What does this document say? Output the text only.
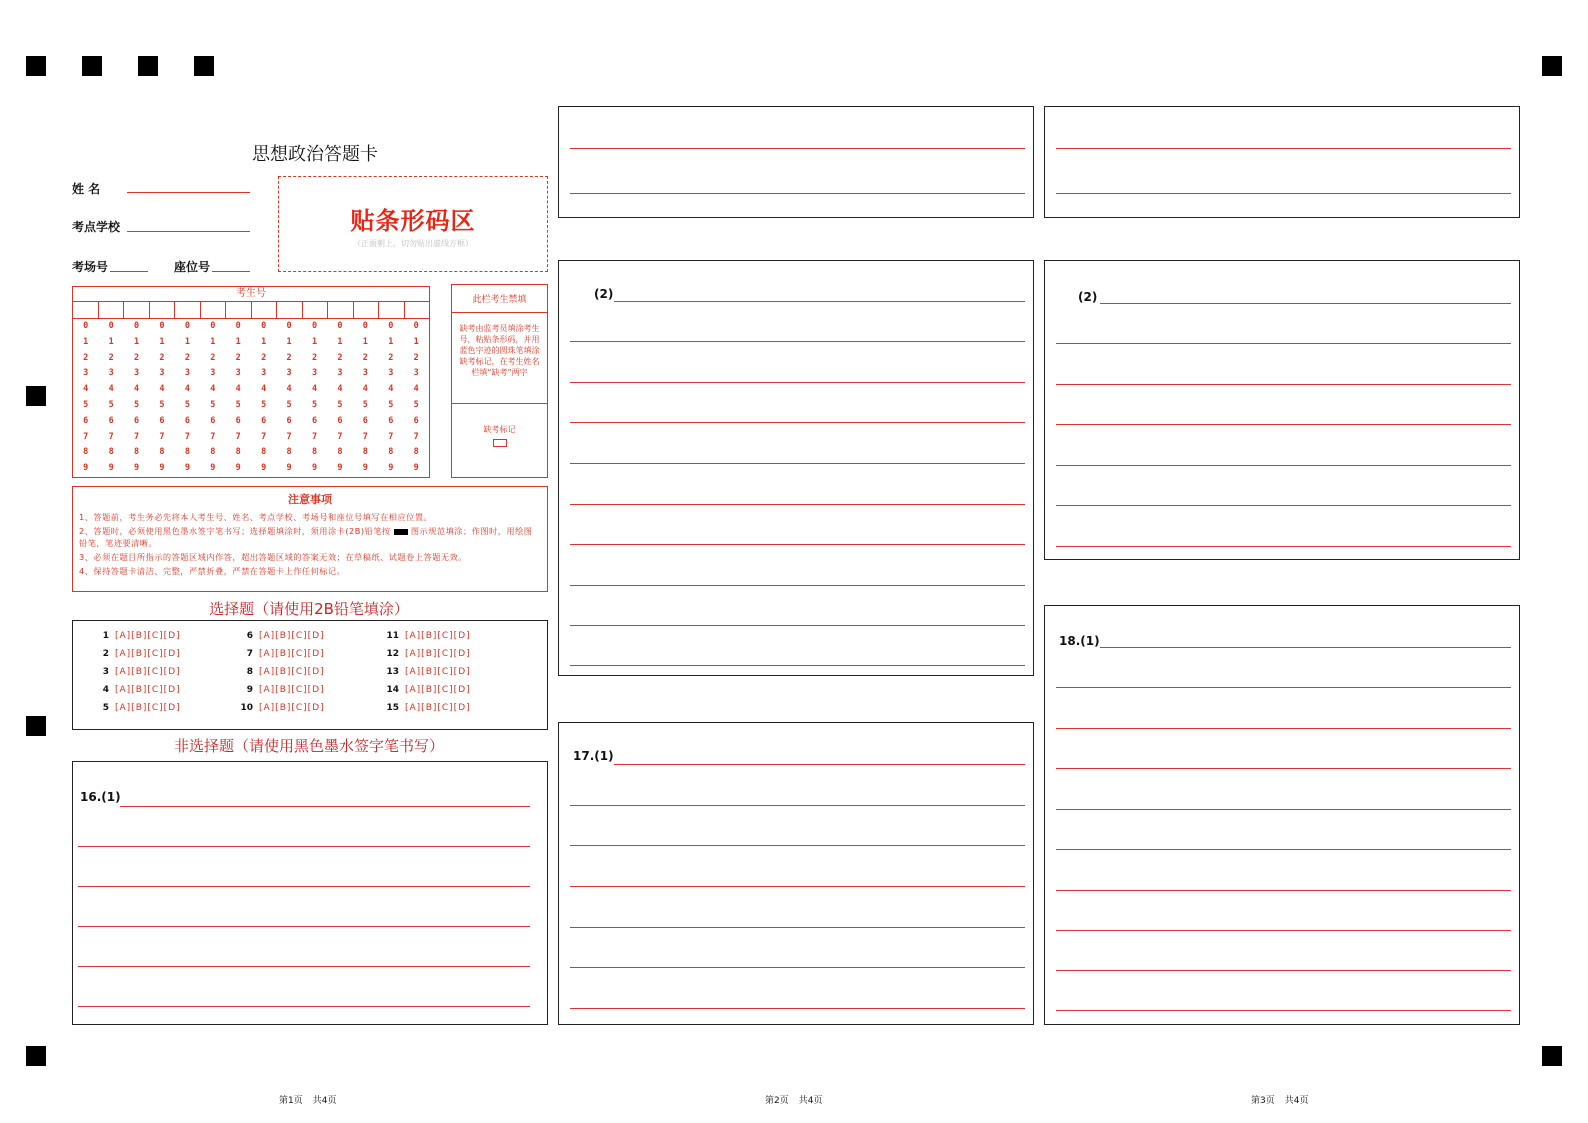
思想政治答题卡
姓 名
考点学校
考场号	座位号
贴条形码区
（正面朝上，切勿贴出虚线方框）
考生号
0	0	0	0	0	0	0	0	0	0	0	0	0	0
1	1	1	1	1	1	1	1	1	1	1	1	1	1
2	2	2	2	2	2	2	2	2	2	2	2	2	2
3	3	3	3	3	3	3	3	3	3	3	3	3	3
4	4	4	4	4	4	4	4	4	4	4	4	4	4
5	5	5	5	5	5	5	5	5	5	5	5	5	5
6	6	6	6	6	6	6	6	6	6	6	6	6	6
7	7	7	7	7	7	7	7	7	7	7	7	7	7
8	8	8	8	8	8	8	8	8	8	8	8	8	8
9	9	9	9	9	9	9	9	9	9	9	9	9	9
此栏考生禁填
缺考由监考员填涂考生号，粘贴条形码，并用蓝色字迹的圆珠笔填涂缺考标记，在考生姓名栏填“缺考”两字
缺考标记
注意事项

1、答题前，考生务必先将本人考生号、姓名、考点学校、考场号和座位号填写在相应位置。

2、答题时，必须使用黑色墨水签字笔书写；选择题填涂时，须用涂卡(2B)铅笔按 图示规范填涂；作图时，用绘图铅笔，笔迹要清晰。

3、必须在题目所指示的答题区域内作答，超出答题区域的答案无效；在草稿纸、试题卷上答题无效。

4、保持答题卡清洁、完整，严禁折叠，严禁在答题卡上作任何标记。

选择题（请使用2B铅笔填涂）
1 [A][B][C][D]
2 [A][B][C][D]
3 [A][B][C][D]
4 [A][B][C][D]
5 [A][B][C][D]
6 [A][B][C][D]
7 [A][B][C][D]
8 [A][B][C][D]
9 [A][B][C][D]
10 [A][B][C][D]
11 [A][B][C][D]
12 [A][B][C][D]
13 [A][B][C][D]
14 [A][B][C][D]
15 [A][B][C][D]
非选择题（请使用黑色墨水签字笔书写）
16.(1)
(2)
17.(1)
(2)
18.(1)
第1页 共4页	第2页 共4页	第3页 共4页
